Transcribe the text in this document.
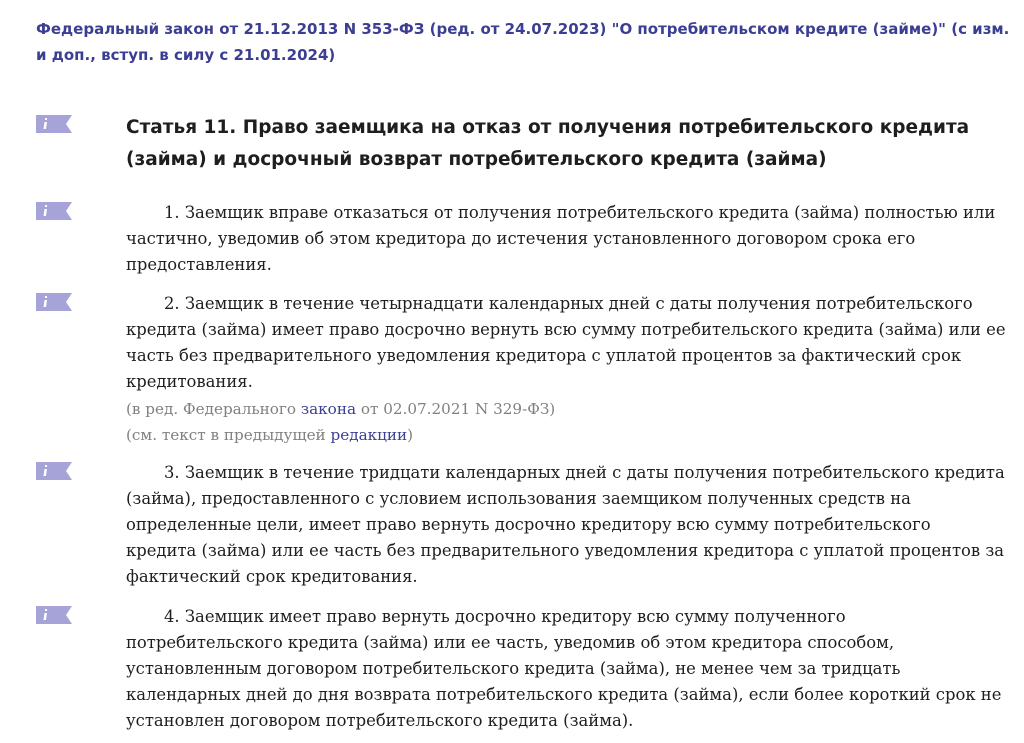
Федеральный закон от 21.12.2013 N 353-ФЗ (ред. от 24.07.2023) "О потребительском кредите (займе)" (с изм. и доп., вступ. в силу с 21.01.2024)
Статья 11. Право заемщика на отказ от получения потребительского кредита (займа) и досрочный возврат потребительского кредита (займа)
1. Заемщик вправе отказаться от получения потребительского кредита (займа) полностью или частично, уведомив об этом кредитора до истечения установленного договором срока его предоставления.
2. Заемщик в течение четырнадцати календарных дней с даты получения потребительского кредита (займа) имеет право досрочно вернуть всю сумму потребительского кредита (займа) или ее часть без предварительного уведомления кредитора с уплатой процентов за фактический срок кредитования.
(в ред. Федерального закона от 02.07.2021 N 329-ФЗ)
(см. текст в предыдущей редакции)
3. Заемщик в течение тридцати календарных дней с даты получения потребительского кредита (займа), предоставленного с условием использования заемщиком полученных средств на определенные цели, имеет право вернуть досрочно кредитору всю сумму потребительского кредита (займа) или ее часть без предварительного уведомления кредитора с уплатой процентов за фактический срок кредитования.
4. Заемщик имеет право вернуть досрочно кредитору всю сумму полученного потребительского кредита (займа) или ее часть, уведомив об этом кредитора способом, установленным договором потребительского кредита (займа), не менее чем за тридцать календарных дней до дня возврата потребительского кредита (займа), если более короткий срок не установлен договором потребительского кредита (займа).
